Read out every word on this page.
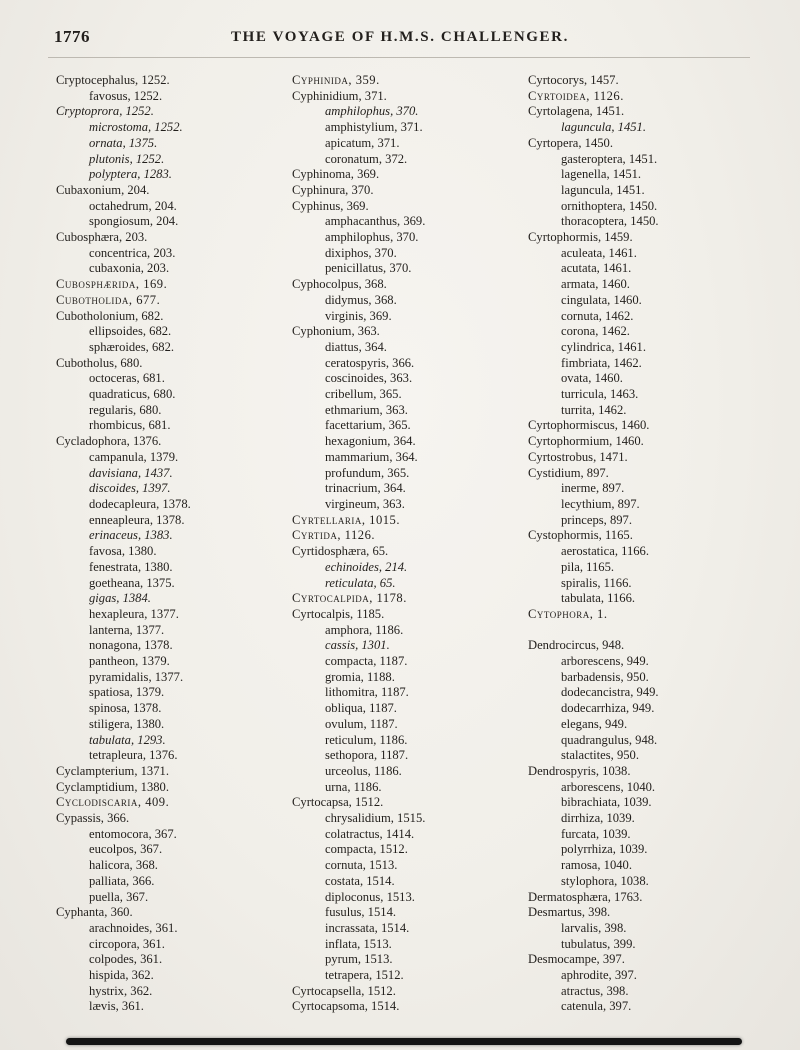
1776	THE VOYAGE OF H.M.S. CHALLENGER.
Cryptocephalus, 1252.
favosus, 1252.
Cryptoprora, 1252.
microstoma, 1252.
ornata, 1375.
plutonis, 1252.
polyptera, 1283.
Cubaxonium, 204.
octahedrum, 204.
spongiosum, 204.
Cubosphæra, 203.
concentrica, 203.
cubaxonia, 203.
Cubosphærida, 169.
Cubotholida, 677.
Cubotholonium, 682.
ellipsoides, 682.
sphæroides, 682.
Cubotholus, 680.
octoceras, 681.
quadraticus, 680.
regularis, 680.
rhombicus, 681.
Cycladophora, 1376.
campanula, 1379.
davisiana, 1437.
discoides, 1397.
dodecapleura, 1378.
enneapleura, 1378.
erinaceus, 1383.
favosa, 1380.
fenestrata, 1380.
goetheana, 1375.
gigas, 1384.
hexapleura, 1377.
lanterna, 1377.
nonagona, 1378.
pantheon, 1379.
pyramidalis, 1377.
spatiosa, 1379.
spinosa, 1378.
stiligera, 1380.
tabulata, 1293.
tetrapleura, 1376.
Cyclampterium, 1371.
Cyclamptidium, 1380.
Cyclodiscaria, 409.
Cypassis, 366.
entomocora, 367.
eucolpos, 367.
halicora, 368.
palliata, 366.
puella, 367.
Cyphanta, 360.
arachnoides, 361.
circopora, 361.
colpodes, 361.
hispida, 362.
hystrix, 362.
lævis, 361.
Cyphinida, 359.
Cyphinidium, 371.
amphilophus, 370.
amphistylium, 371.
apicatum, 371.
coronatum, 372.
Cyphinoma, 369.
Cyphinura, 370.
Cyphinus, 369.
amphacanthus, 369.
amphilophus, 370.
dixiphos, 370.
penicillatus, 370.
Cyphocolpus, 368.
didymus, 368.
virginis, 369.
Cyphonium, 363.
diattus, 364.
ceratospyris, 366.
coscinoides, 363.
cribellum, 365.
ethmarium, 363.
facettarium, 365.
hexagonium, 364.
mammarium, 364.
profundum, 365.
trinacrium, 364.
virgineum, 363.
Cyrtellaria, 1015.
Cyrtida, 1126.
Cyrtidosphæra, 65.
echinoides, 214.
reticulata, 65.
Cyrtocalpida, 1178.
Cyrtocalpis, 1185.
amphora, 1186.
cassis, 1301.
compacta, 1187.
gromia, 1188.
lithomitra, 1187.
obliqua, 1187.
ovulum, 1187.
reticulum, 1186.
sethopora, 1187.
urceolus, 1186.
urna, 1186.
Cyrtocapsa, 1512.
chrysalidium, 1515.
colatractus, 1414.
compacta, 1512.
cornuta, 1513.
costata, 1514.
diploconus, 1513.
fusulus, 1514.
incrassata, 1514.
inflata, 1513.
pyrum, 1513.
tetrapera, 1512.
Cyrtocapsella, 1512.
Cyrtocapsoma, 1514.
Cyrtocorys, 1457.
Cyrtoidea, 1126.
Cyrtolagena, 1451.
laguncula, 1451.
Cyrtopera, 1450.
gasteroptera, 1451.
lagenella, 1451.
laguncula, 1451.
ornithoptera, 1450.
thoracoptera, 1450.
Cyrtophormis, 1459.
aculeata, 1461.
acutata, 1461.
armata, 1460.
cingulata, 1460.
cornuta, 1462.
corona, 1462.
cylindrica, 1461.
fimbriata, 1462.
ovata, 1460.
turricula, 1463.
turrita, 1462.
Cyrtophormiscus, 1460.
Cyrtophormium, 1460.
Cyrtostrobus, 1471.
Cystidium, 897.
inerme, 897.
lecythium, 897.
princeps, 897.
Cystophormis, 1165.
aerostatica, 1166.
pila, 1165.
spiralis, 1166.
tabulata, 1166.
Cytophora, 1.
Dendrocircus, 948.
arborescens, 949.
barbadensis, 950.
dodecancistra, 949.
dodecarrhiza, 949.
elegans, 949.
quadrangulus, 948.
stalactites, 950.
Dendrospyris, 1038.
arborescens, 1040.
bibrachiata, 1039.
dirrhiza, 1039.
furcata, 1039.
polyrrhiza, 1039.
ramosa, 1040.
stylophora, 1038.
Dermatosphæra, 1763.
Desmartus, 398.
larvalis, 398.
tubulatus, 399.
Desmocampe, 397.
aphrodite, 397.
atractus, 398.
catenula, 397.
